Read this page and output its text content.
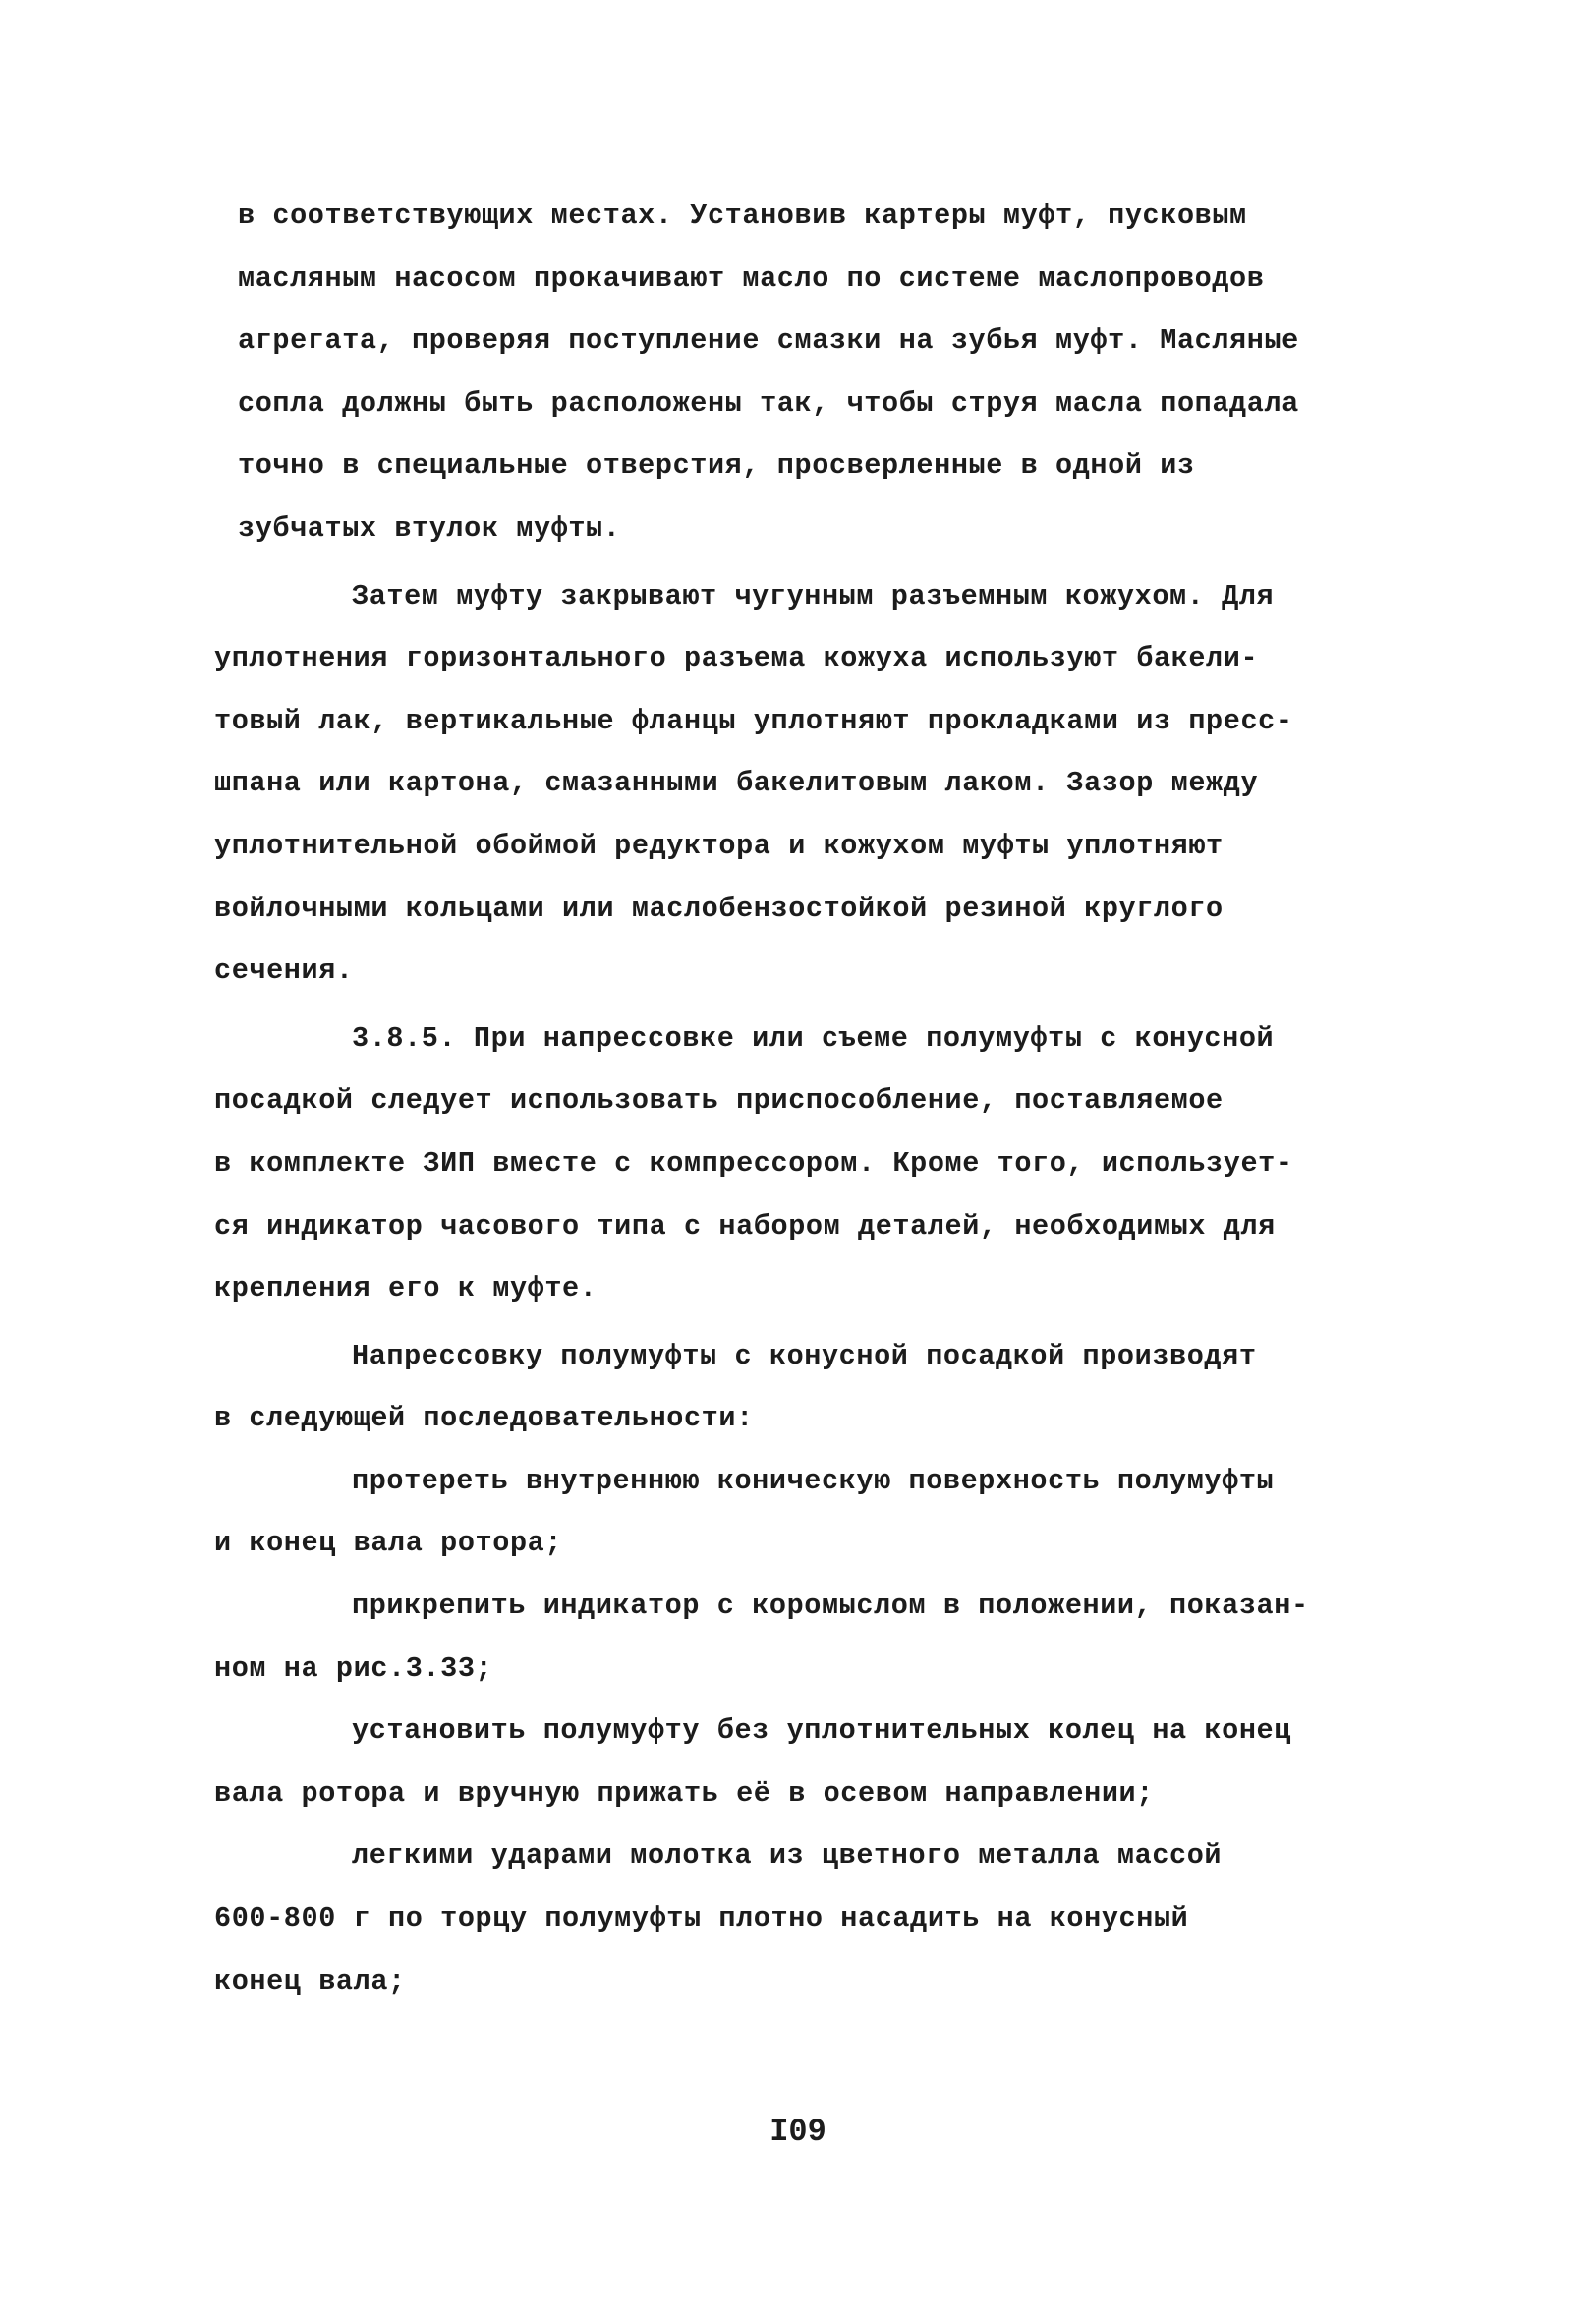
в соответствующих местах. Установив картеры муфт, пусковым
масляным насосом прокачивают масло по системе маслопроводов
агрегата, проверяя поступление смазки на зубья муфт. Масляные
сопла должны быть расположены так, чтобы струя масла попадала
точно в специальные отверстия, просверленные в одной из
зубчатых втулок муфты.
Затем муфту закрывают чугунным разъемным кожухом. Для
уплотнения горизонтального разъема кожуха используют бакели-
товый лак, вертикальные фланцы уплотняют прокладками из пресс-
шпана или картона, смазанными бакелитовым лаком. Зазор между
уплотнительной обоймой редуктора и кожухом муфты уплотняют
войлочными кольцами или маслобензостойкой резиной круглого
сечения.
3.8.5. При напрессовке или съеме полумуфты с конусной
посадкой следует использовать приспособление, поставляемое
в комплекте ЗИП вместе с компрессором. Кроме того, использует-
ся индикатор часового типа с набором деталей, необходимых для
крепления его к муфте.
Напрессовку полумуфты с конусной посадкой производят
в следующей последовательности:
протереть внутреннюю коническую поверхность полумуфты
и конец вала ротора;
прикрепить индикатор с коромыслом в положении, показан-
ном на рис.3.33;
установить полумуфту без уплотнительных колец на конец
вала ротора и вручную прижать её в осевом направлении;
легкими ударами молотка из цветного металла массой
600-800 г по торцу полумуфты плотно насадить на конусный
конец вала;
I09
